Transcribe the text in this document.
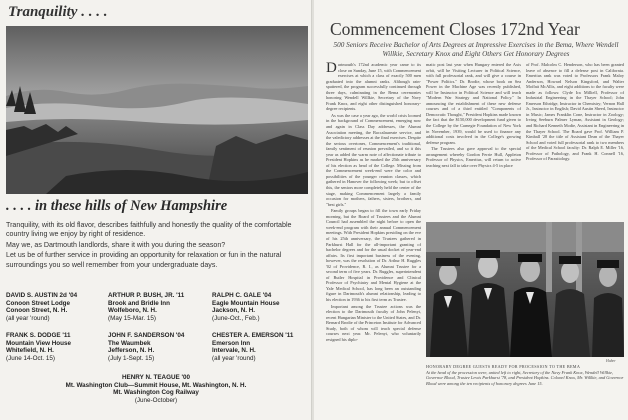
Tranquility . . . .
. . . . in these hills of New Hampshire

Tranquility, with its old flavor, describes faithfully and honestly the quality of the comfortable country living we enjoy by right of residence.

May we, as Dartmouth landlords, share it with you during the season?

Let us be of further service in providing an opportunity for relaxation or fun in the natural surroundings you so well remember from your undergraduate days.

DAVID S. AUSTIN 2d '04
Conoon Street Lodge
Conoon Street, N. H.
(all year 'round)
ARTHUR P. BUSH, JR. '11
Brook and Bridle Inn
Wolfeboro, N. H.
(May 15-Mar. 15)
RALPH C. GALE '04
Eagle Mountain House
Jackson, N. H.
(June-Oct., Feb.)
FRANK S. DODGE '11
Mountain View House
Whitefield, N. H.
(June 14-Oct. 15)
JOHN F. SANDERSON '04
The Waumbek
Jefferson, N. H.
(July 1-Sept. 15)
CHESTER A. EMERSON '11
Emerson Inn
Intervale, N. H.
(all year 'round)
HENRY N. TEAGUE '00
Mt. Washington Club—Summit House, Mt. Washington, N. H.
Mt. Washington Cog Railway
(June-October)
Commencement Closes 172nd Year
500 Seniors Receive Bachelor of Arts Degrees at Impressive Exercises in the Bema, Where Wendell Willkie, Secretary Knox and Eight Others Get Honorary Degrees

Dartmouth's 172nd academic year came to its close on Sunday, June 15, with Commencement exercises at which a class of exactly 500 men graduated into the alumni ranks. Although rain-spattered, the program successfully continued through three days, culminating in the Bema ceremonies honoring Wendell Willkie, Secretary of the Navy Frank Knox, and eight other distinguished honorary-degree recipients.

As was the case a year ago, the world crisis loomed in the background of Commencement, emerging now and again in Class Day addresses, the Alumni Association meeting, the Baccalaureate service, and the valedictory addresses at the final exercises. Despite the serious overtones, Commencement's traditional, family sentiment of reunion prevailed, and so it this year as added the warm note of affectionate tribute to President Hopkins as he marked the 25th anniversary of his election as head of the College. Missing from the Commencement week-end were the color and possibilities of the younger reunion classes, which gathered in Hanover the following week; but to offset this, the seniors more completely held the center of the stage, making Commencement largely a family occasion for mothers, fathers, sisters, brothers, and "best girls."

Family groups began to fill the town early Friday morning, but the Board of Trustees and the Alumni Council had assembled the night before to open the week-end program with their annual Commencement meetings. With President Hopkins presiding on the eve of his 25th anniversary, the Trustees gathered in Parkhurst Hall for the all-important granting of bachelor degrees and for the usual docket of year-end affairs. Its first important business of the evening, however, was the resolution of Dr. Arthur H. Ruggles '02 of Providence, R. I., as Alumni Trustee for a second term of five years. Dr. Ruggles, superintendent of Butler Hospital in Providence and Clinical Professor of Psychiatry and Mental Hygiene at the Yale Medical School, has long been an outstanding figure in Dartmouth's alumni relationship, leading to his election in 1936 to his first term as Trustee.

Important among the Trustee actions was the election to the Dartmouth faculty of John Pelenyi, recent Hungarian Minister to the United States, and Dr. Bernard Brodie of the Princeton Institute for Advanced Study, both of whom will teach special defense courses next year. Mr. Pelenyi, who voluntarily resigned his diplo-

matic post last year when Hungary entered the Axis orbit, will be Visiting Lecturer in Political Science, with full professorial rank, and will give a course in "Power Politics." Dr. Brodie, whose book on Sea Power in the Machine Age was recently published, will be Instructor in Political Science and will teach "Modern War Strategy and National Policy." In announcing the establishment of these new defense courses and of a third entitled "Components of Democratic Thought," President Hopkins made known the fact that the $150,000 development fund given to the College by the Carnegie Foundation of New York in November, 1939, would be used to finance any additional costs involved in the College's growing defense program.

The Trustees also gave approval to the special arrangement whereby Gordon Ferrie Hull, Appleton Professor of Physics, Emeritus, will return to active teaching next fall to take over Physics 4-5 in place

of Prof. Malcolm C. Henderson, who has been granted leave of absence to fill a defense post in California. Emeritus rank was voted to Professors Frank Maloy Anderson, Howard Nelson Kingsford, and Walter Moffatt McAllis, and eight additions to the faculty were made as follows: Clyde Ira Milliell, Professor of Industrial Engineering in the Thayer School; John Emerson Ethridge, Instructor in Chemistry; Vernon Hall Jr., Instructor in English; David Austin Sheed, Instructor in Music; James Franklin Cone, Instructor in Zoology; Irving Seeburn Palmer Lyman, Assistant in Geology; and Richard Kenneth Modie, Assistant in Engineering in the Thayer School. The Board gave Prof. William P. Kimball '28 the title of Assistant Dean of the Thayer School and voted full professorial rank to two members of the Medical School faculty: Dr. Ralph E. Miller '16, Professor of Pathology, and Frank H. Connell '16, Professor of Parasitology.

Haber
HONORARY DEGREE GUESTS READY FOR PROCESSION TO THE BEMA
At the head of the procession were, united left to right, Secretary of the Navy Frank Knox, Wendell Willkie, Governor Blood, Trustee Lewis Parkhurst '78, and President Hopkins. Colonel Knox, Mr. Willkie, and Governor Blood were among the ten recipients of honorary degrees June 15.
